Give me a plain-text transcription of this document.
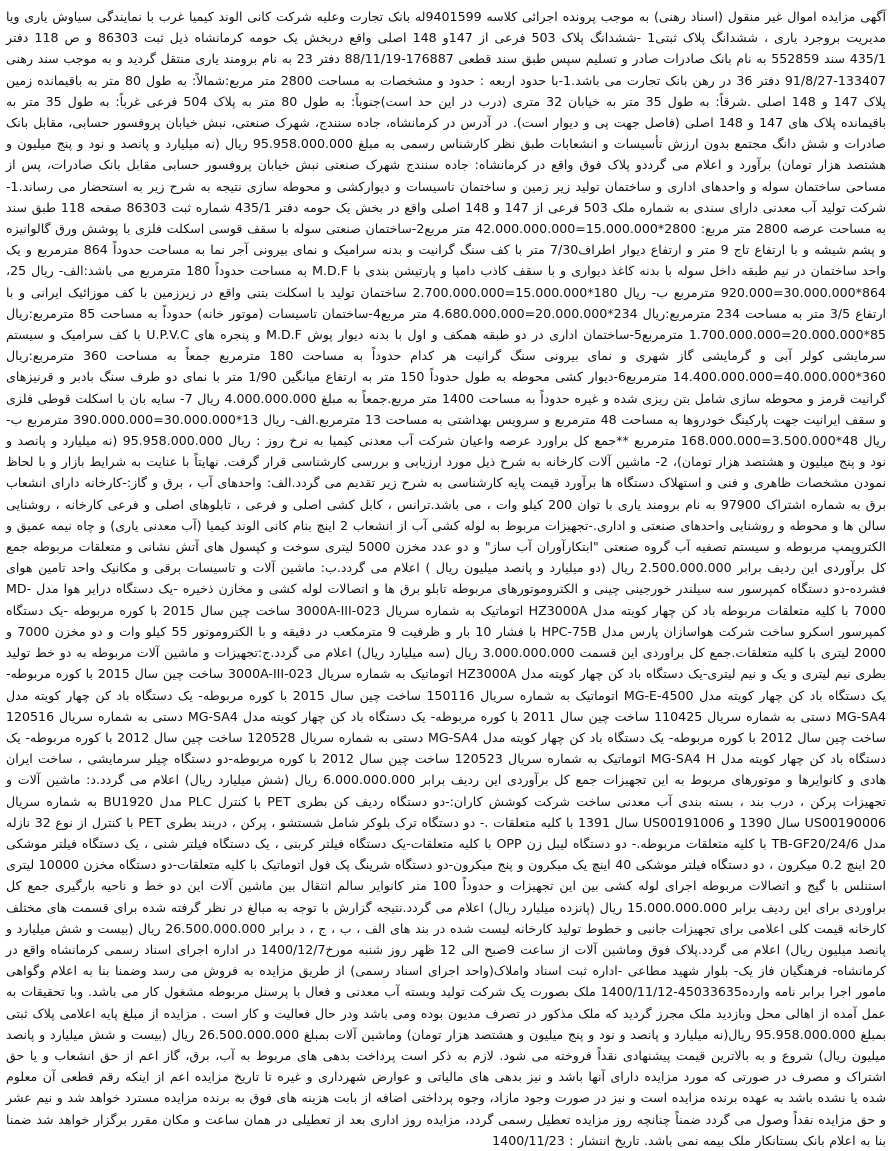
آگهی مزایده اموال غیر منقول (اسناد رهنی) به موجب پرونده اجرائی کلاسه 9401599له بانک تجارت وعلیه شرکت کانی الوند کیمیا غرب با نمایندگی سیاوش یاری ویا مدیریت بروجرد یاری ، ششدانگ پلاک ثبتی1 -ششدانگ پلاک 503 فرعی از 147و 148 اصلی واقع دربخش یک حومه کرمانشاه ذیل ثبت 86303 و ص 118 دفتر 435/1 سند 552859 به نام بانک صادرات صادر و تسلیم سپس طبق سند قطعی 176887-88/11/19 دفتر 23 به نام برومند یاری منتقل گردید و به موجب سند رهنی 133407-91/8/27 دفتر 36 در رهن بانک تجارت می باشد.1-با حدود اربعه : حدود و مشخصات به مساحت 2800 متر مربع:شمالاً: به طول 80 متر به باقیمانده زمین پلاک 147 و 148 اصلی .شرقاً: به طول 35 متر به خیابان 32 متری (درب در این حد است)جنوباً: به طول 80 متر به پلاک 504 فرعی غرباً: به طول 35 متر به باقیمانده پلاک های 147 و 148 اصلی (فاصل جهت پی و دیوار است). در آدرس در کرمانشاه، جاده سنندج، شهرک صنعتی، نبش خیابان پروفسور حسابی، مقابل بانک صادرات و شش دانگ مجتمع بدون ارزش تأسیسات و انشعابات طبق نظر کارشناس رسمی به مبلغ 95.958.000.000 ریال (نه میلیارد و پانصد و نود و پنج میلیون و هشتصد هزار تومان) برآورد و اعلام می گرددو پلاک فوق واقع در کرمانشاه: جاده سنندج شهرک صنعتی نبش خیابان پروفسور حسابی مقابل بانک صادرات، پس از مساحی ساختمان سوله و واحدهای اداری و ساختمان تولید زیر زمین و ساختمان تاسیسات و دیوارکشی و محوطه سازی نتیجه به شرح زیر به استحضار می رساند.1-شرکت تولید آب معدنی دارای سندی به شماره ملک 503 فرعی از 147 و 148 اصلی واقع در بخش یک حومه دفتر 435/1 شماره ثبت 86303 صفحه 118 طبق سند به مساحت عرصه 2800 متر مربع: 2800*15.000.000=42.000.000.000 متر مربع2-ساختمان صنعتی سوله با سقف قوسی اسکلت فلزی با پوشش ورق گالوانیزه و پشم شیشه و با ارتفاع تاج 9 متر و ارتفاع دیوار اطراف7/30 متر با کف سنگ گرانیت و بدنه سرامیک و نمای بیرونی آجر نما به مساحت حدوداً 864 مترمربع و یک واحد ساختمان در نیم طبقه داخل سوله با بدنه کاغذ دیواری و با سقف کاذب دامپا و پارتیشن بندی با M.D.F به مساحت حدوداً 180 مترمربع می باشد:الف- ریال 25، 864*30.000.000=920.000 مترمربع ب- ریال 180*15.000.000=2.700.000.000 ساختمان تولید با اسکلت بتنی واقع در زیرزمین با کف موزائیک ایرانی و با ارتفاع 3/5 متر به مساحت 234 مترمربع:ریال 234*20.000.000=4.680.000.000 متر مربع4-ساختمان تاسیسات (موتور خانه) حدوداً به مساحت 85 مترمربع:ریال 85*20.000.000=1.700.000.000 مترمربع5-ساختمان اداری در دو طبقه همکف و اول با بدنه دیوار پوش M.D.F و پنجره های U.P.V.C با کف سرامیک و سیستم سرمایشی کولر آبی و گرمایشی گاز شهری و نمای بیرونی سنگ گرانیت هر کدام حدوداً به مساحت 180 مترمربع جمعاً به مساحت 360 مترمربع:ریال 360*40.000.000=14.400.000.000 مترمربع6-دیوار کشی محوطه به طول حدوداً 150 متر به ارتفاع میانگین 1/90 متر با نمای دو طرف سنگ بادبر و قرنیزهای گرانیت قرمز و محوطه سازی شامل بتن ریزی شده و غیره حدوداً به مساحت 1400 متر مربع.جمعاً به مبلغ 4.000.000.000 ریال 7- سایه بان با اسکلت قوطی فلزی و سقف ایرانیت جهت پارکینگ خودروها به مساحت 48 مترمربع و سرویس بهداشتی به مساحت 13 مترمربع.الف- ریال 13*30.000.000=390.000.000 مترمربع ب- ریال 48*3.500.000=168.000.000 مترمربع **جمع کل براورد عرصه واعیان شرکت آب معدنی کیمیا به نرخ روز : ریال 95.958.000.000 (نه میلیارد و پانصد و نود و پنج میلیون و هشتصد هزار تومان)، 2- ماشین آلات کارخانه به شرح ذیل مورد ارزیابی و بررسی کارشناسی قرار گرفت. نهایتاً با عنایت به شرایط بازار و با لحاظ نمودن مشخصات ظاهری و فنی و استهلاک دستگاه ها برآورد قیمت پایه کارشناسی به شرح زیر تقدیم می گردد.الف: واحدهای آب ، برق و گاز:-کارخانه دارای انشعاب برق به شماره اشتراک 97900 به نام برومند یاری با توان 200 کیلو وات ، می باشد.ترانس ، کابل کشی اصلی و فرعی ، تابلوهای اصلی و فرعی کارخانه ، روشنایی سالن ها و محوطه و روشنایی واحدهای صنعتی و اداری.-تجهیزات مربوط به لوله کشی آب از انشعاب 2 اینچ بنام کانی الوند کیمیا (آب معدنی یاری) و چاه نیمه عمیق و الکتروپمپ مربوطه و سیستم تصفیه آب گروه صنعتی "ابتکارآوران آب ساز" و دو عدد مخزن 5000 لیتری سوخت و کپسول های آتش نشانی و متعلقات مربوطه جمع کل برآوردی این ردیف برابر 2.500.000.000 ریال (دو میلیارد و پانصد میلیون ریال ) اعلام می گردد.ب: ماشین آلات و تاسیسات برقی و مکانیک واحد تامین هوای فشرده-دو دستگاه کمپرسور سه سیلندر خورجینی چینی و الکتروموتورهای مربوطه تابلو برق ها و اتصالات لوله کشی و مخازن ذخیره -یک دستگاه درایر هوا مدل MD-7000 با کلیه متعلقات مربوطه باد کن چهار کویته مدل HZ3000A اتوماتیک به شماره سریال 023-3000A-III ساخت چین سال 2015 با کوره مربوطه -یک دستگاه کمپرسور اسکرو ساخت شرکت هواسازان پارس مدل HPC-75B با فشار 10 بار و ظرفیت 9 مترمکعب در دقیقه و با الکتروموتور 55 کیلو وات و دو مخزن 7000 و 2000 لیتری با کلیه متعلقات.جمع کل براوردی این قسمت 3.000.000.000 ریال (سه میلیارد ریال) اعلام می گردد.ج:تجهیزات و ماشین آلات مربوطه به دو خط تولید بطری نیم لیتری و یک و نیم لیتری-یک دستگاه باد کن چهار کویته مدل HZ3000A اتوماتیک به شماره سریال 023-3000A-III ساخت چین سال 2015 با کوره مربوطه-یک دستگاه باد کن چهار کویته مدل MG-E-4500 اتوماتیک به شماره سریال 150116 ساخت چین سال 2015 با کوره مربوطه- یک دستگاه باد کن چهار کویته مدل MG-SA4 دستی به شماره سریال 110425 ساخت چین سال 2011 با کوره مربوطه- یک دستگاه باد کن چهار کویته مدل MG-SA4 دستی به شماره سریال 120516 ساخت چین سال 2012 با کوره مربوطه- یک دستگاه باد کن چهار کویته مدل MG-SA4 دستی به شماره سریال 120528 ساخت چین سال 2012 با کوره مربوطه- یک دستگاه باد کن چهار کویته مدل MG-SA4 H اتوماتیک به شماره سریال 120523 ساخت چین سال 2012 با کوره مربوطه-دو دستگاه چیلر سرمایشی ، ساخت ایران هادی و کانوایرها و موتورهای مربوط به این تجهیزات جمع کل برآوردی این ردیف برابر 6.000.000.000 ریال (شش میلیارد ریال) اعلام می گردد.د: ماشین آلات و تجهیزات پرکن ، درب بند ، بسته بندی آب معدنی ساخت شرکت کوشش کاران:-دو دستگاه ردیف کن بطری PET با کنترل PLC مدل BU1920 به شماره سریال US00190006 سال 1390 و US00191006 سال 1391 با کلیه متعلقات .- دو دستگاه ترک بلوکر شامل شستشو ، پرکن ، دربند بطری PET با کنترل از نوع 32 نازله مدل TB-GF20/24/6 با کلیه متعلقات مربوطه.- دو دستگاه لیبل زن OPP با کلیه متعلقات-یک دستگاه فیلتر کربنی ، یک دستگاه فیلتر شنی ، یک دستگاه فیلتر موشکی 20 اینچ 0.2 میکرون ، دو دستگاه فیلتر موشکی 40 اینچ یک میکرون و پنج میکرون-دو دستگاه شرینگ پک فول اتوماتیک با کلیه متعلقات-دو دستگاه مخزن 10000 لیتری استنلس با گیج و اتصالات مربوطه اجرای لوله کشی بین این تجهیزات و حدوداً 100 متر کانوایر سالم انتقال بین ماشین آلات این دو خط و ناحیه بارگیری جمع کل براوردی برای این ردیف برابر 15.000.000.000 ریال (پانزده میلیارد ریال) اعلام می گردد.نتیجه گزارش با توجه به مبالغ در نظر گرفته شده برای قسمت های مختلف کارخانه قیمت کلی اعلامی برای تجهیزات جانبی و خطوط تولید کارخانه لیست شده در بند های الف ، ب ، ج ، د برابر 26.500.000.000 ریال (بیست و شش میلیارد و پانصد میلیون ریال) اعلام می گردد.پلاک فوق وماشین آلات از ساعت 9صبح الی 12 ظهر روز شنبه مورخ1400/12/7 در اداره اجرای اسناد رسمی کرمانشاه واقع در کرمانشاه- فرهنگیان فاز یک- بلوار شهید مطاعی -اداره ثبت اسناد واملاک(واحد اجرای اسناد رسمی) از طریق مزایده به فروش می رسد وضمنا بنا به اعلام وگواهی مامور اجرا برابر نامه وارده45033635-1400/11/12 ملک بصورت یک شرکت تولید وبسته آب معدنی و فعال با پرسنل مربوطه مشغول کار می باشد. وبا تحقیقات به عمل آمده از اهالی محل وبازدید ملک مجرز گردید که ملک مذکور در تصرف مدیون بوده ومی باشد ودر حال فعالیت و کار است . مزایده از مبلغ پایه اعلامی پلاک ثبتی بمبلغ 95.958.000.000 ریال(نه میلیارد و پانصد و نود و پنج میلیون و هشتصد هزار تومان) وماشین آلات بمبلغ 26.500.000.000 ریال (بیست و شش میلیارد و پانصد میلیون ریال) شروع و به بالاترین قیمت پیشنهادی نقداً فروخته می شود. لازم به ذکر است پرداخت بدهی های مربوط به آب، برق، گاز اعم از حق انشعاب و یا حق اشتراک و مصرف در صورتی که مورد مزایده دارای آنها باشد و نیز بدهی های مالیاتی و عوارض شهرداری و غیره تا تاریخ مزایده اعم از اینکه رقم قطعی آن معلوم شده یا نشده باشد به عهده برنده مزایده است و نیز در صورت وجود مازاد، وجوه پرداختی اضافه از بابت هزینه های فوق به برنده مزایده مسترد خواهد شد و نیم عشر و حق مزایده نقداً وصول می گردد ضمناً چنانچه روز مزایده تعطیل رسمی گردد، مزایده روز اداری بعد از تعطیلی در همان ساعت و مکان مقرر برگزار خواهد شد ضمنا بنا به اعلام بانک بستانکار ملک بیمه نمی باشد. تاریخ انتشار : 1400/11/23
